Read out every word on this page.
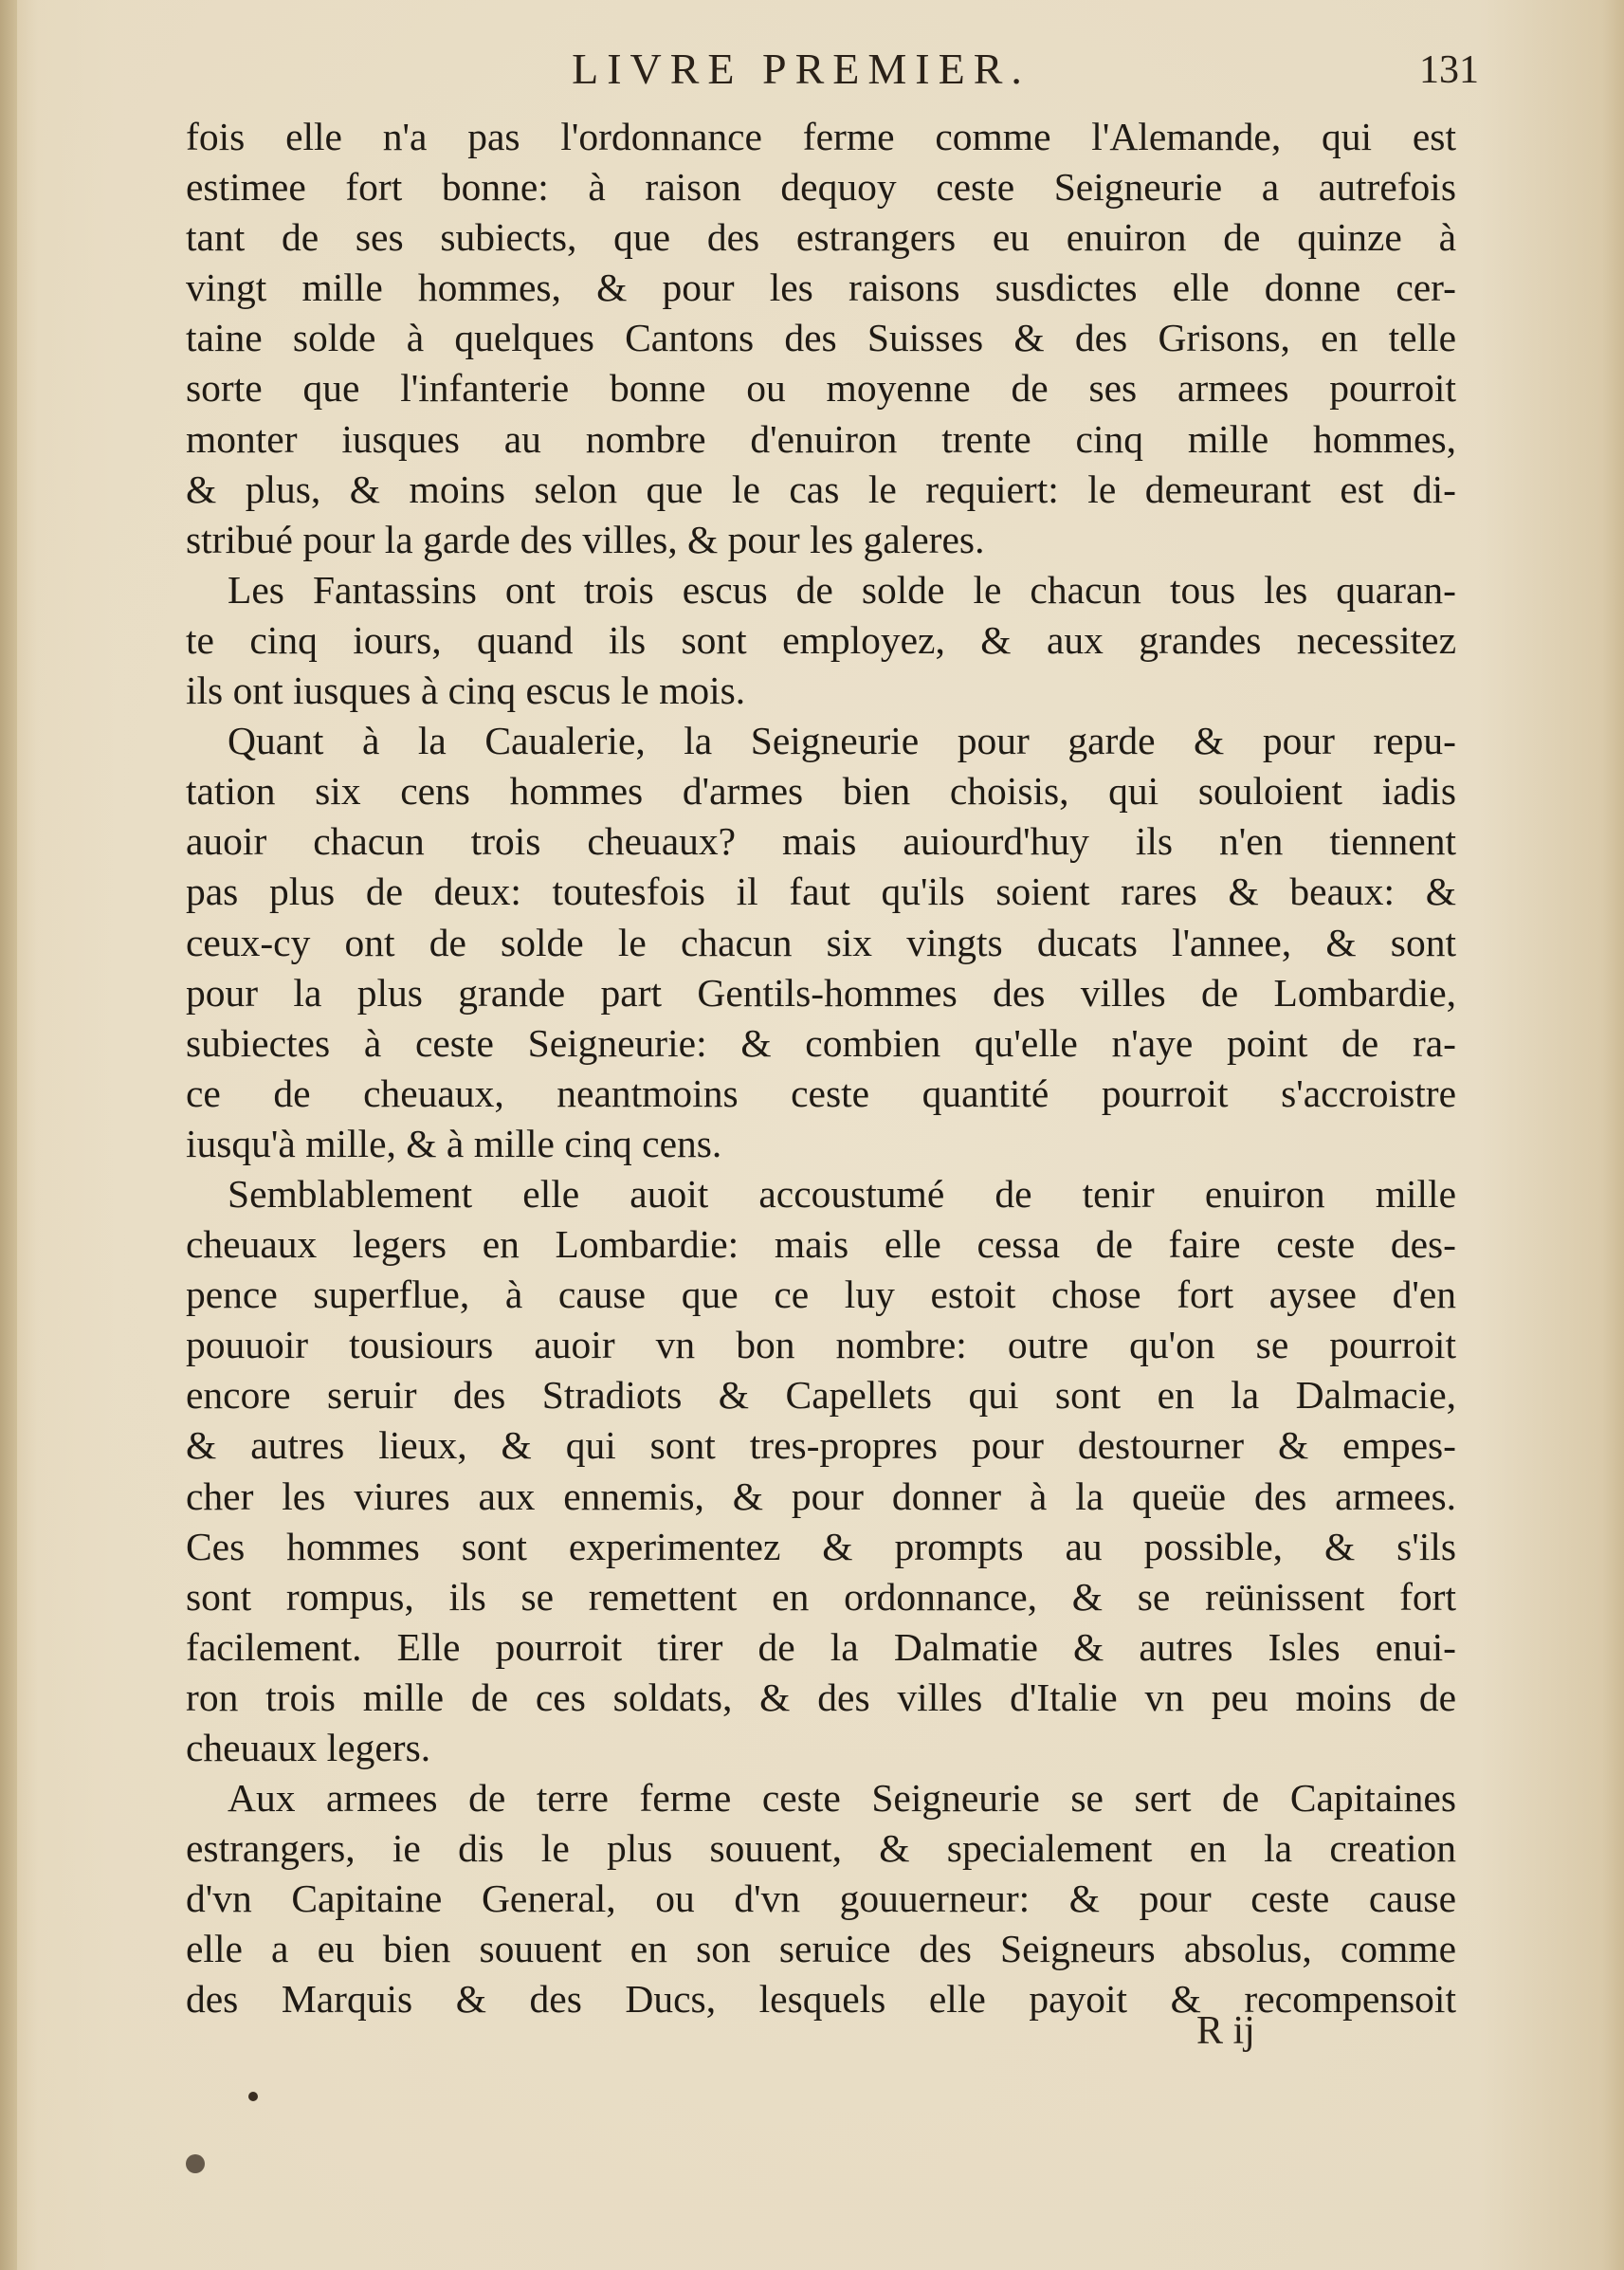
LIVRE PREMIER.	131
fois elle n'a pas l'ordonnance ferme comme l'Alemande, qui est
estimee fort bonne: à raison dequoy ceste Seigneurie a autrefois
tant de ses subiects, que des estrangers eu enuiron de quinze à
vingt mille hommes, & pour les raisons susdictes elle donne cer-
taine solde à quelques Cantons des Suisses & des Grisons, en telle
sorte que l'infanterie bonne ou moyenne de ses armees pourroit
monter iusques au nombre d'enuiron trente cinq mille hommes,
& plus, & moins selon que le cas le requiert: le demeurant est di-
stribué pour la garde des villes, & pour les galeres.
Les Fantassins ont trois escus de solde le chacun tous les quaran-
te cinq iours, quand ils sont employez, & aux grandes necessitez
ils ont iusques à cinq escus le mois.
Quant à la Caualerie, la Seigneurie pour garde & pour repu-
tation six cens hommes d'armes bien choisis, qui souloient iadis
auoir chacun trois cheuaux? mais auiourd'huy ils n'en tiennent
pas plus de deux: toutesfois il faut qu'ils soient rares & beaux: &
ceux-cy ont de solde le chacun six vingts ducats l'annee, & sont
pour la plus grande part Gentils-hommes des villes de Lombardie,
subiectes à ceste Seigneurie: & combien qu'elle n'aye point de ra-
ce de cheuaux, neantmoins ceste quantité pourroit s'accroistre
iusqu'à mille, & à mille cinq cens.
Semblablement elle auoit accoustumé de tenir enuiron mille
cheuaux legers en Lombardie: mais elle cessa de faire ceste des-
pence superflue, à cause que ce luy estoit chose fort aysee d'en
pouuoir tousiours auoir vn bon nombre: outre qu'on se pourroit
encore seruir des Stradiots & Capellets qui sont en la Dalmacie,
& autres lieux, & qui sont tres-propres pour destourner & empes-
cher les viures aux ennemis, & pour donner à la queüe des armees.
Ces hommes sont experimentez & prompts au possible, & s'ils
sont rompus, ils se remettent en ordonnance, & se reünissent fort
facilement. Elle pourroit tirer de la Dalmatie & autres Isles enui-
ron trois mille de ces soldats, & des villes d'Italie vn peu moins de
cheuaux legers.
Aux armees de terre ferme ceste Seigneurie se sert de Capitaines
estrangers, ie dis le plus souuent, & specialement en la creation
d'vn Capitaine General, ou d'vn gouuerneur: & pour ceste cause
elle a eu bien souuent en son seruice des Seigneurs absolus, comme
des Marquis & des Ducs, lesquels elle payoit & recompensoit
R ij
